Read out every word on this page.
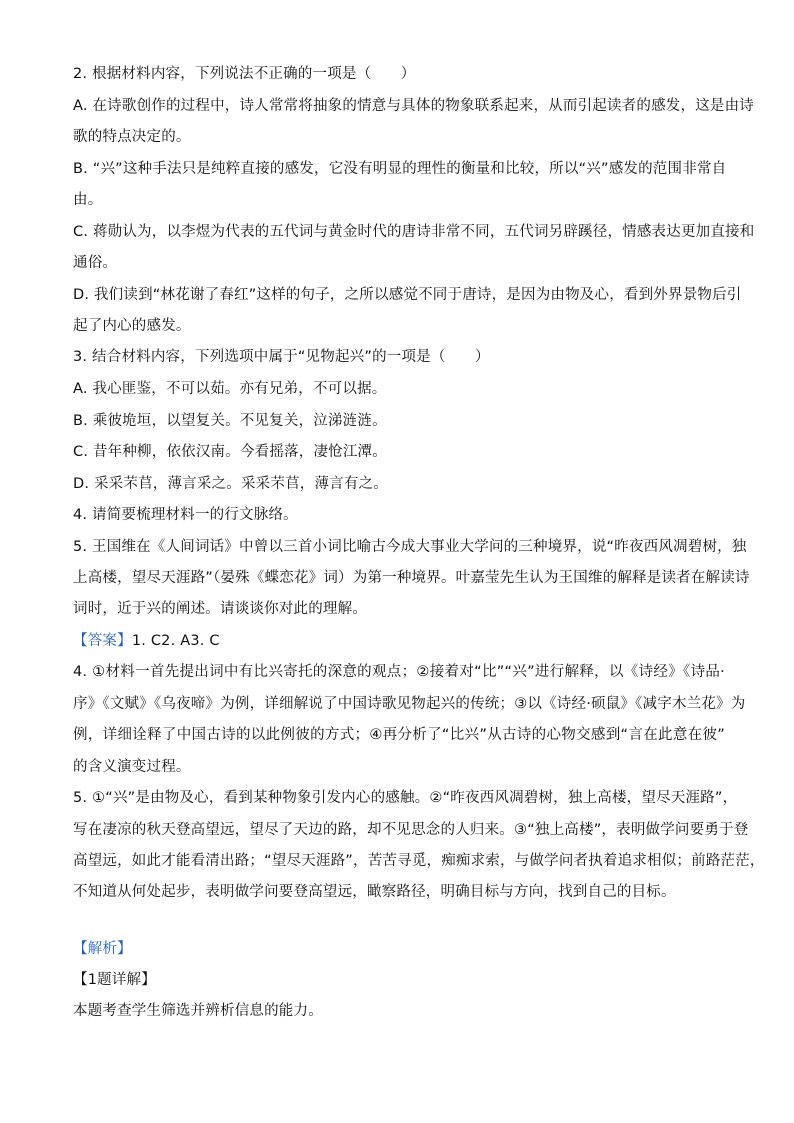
2. 根据材料内容，下列说法不正确的一项是（　　）
A. 在诗歌创作的过程中，诗人常常将抽象的情意与具体的物象联系起来，从而引起读者的感发，这是由诗
歌的特点决定的。
B. “兴”这种手法只是纯粹直接的感发，它没有明显的理性的衡量和比较，所以“兴”感发的范围非常自
由。
C. 蒋勋认为，以李煜为代表的五代词与黄金时代的唐诗非常不同，五代词另辟蹊径，情感表达更加直接和
通俗。
D. 我们读到“林花谢了春红”这样的句子，之所以感觉不同于唐诗，是因为由物及心，看到外界景物后引
起了内心的感发。
3. 结合材料内容，下列选项中属于“见物起兴”的一项是（　　）
A. 我心匪鉴，不可以茹。亦有兄弟，不可以据。
B. 乘彼垝垣，以望复关。不见复关，泣涕涟涟。
C. 昔年种柳，依依汉南。今看摇落，凄怆江潭。
D. 采采芣苢，薄言采之。采采芣苢，薄言有之。
4. 请简要梳理材料一的行文脉络。
5. 王国维在《人间词话》中曾以三首小词比喻古今成大事业大学问的三种境界，说“昨夜西风凋碧树，独
上高楼，望尽天涯路”（晏殊《蝶恋花》词）为第一种境界。叶嘉莹先生认为王国维的解释是读者在解读诗
词时，近于兴的阐述。请谈谈你对此的理解。
【答案】1. C2. A3. C
4. ①材料一首先提出词中有比兴寄托的深意的观点；②接着对“比”“兴”进行解释，以《诗经》《诗品·
序》《文赋》《乌夜啼》为例，详细解说了中国诗歌见物起兴的传统；③以《诗经·硕鼠》《减字木兰花》为
例，详细诠释了中国古诗的以此例彼的方式；④再分析了“比兴”从古诗的心物交感到“言在此意在彼”
的含义演变过程。
5. ①“兴”是由物及心，看到某种物象引发内心的感触。②“昨夜西风凋碧树，独上高楼，望尽天涯路”，
写在凄凉的秋天登高望远，望尽了天边的路，却不见思念的人归来。③“独上高楼”，表明做学问要勇于登
高望远，如此才能看清出路；“望尽天涯路”，苦苦寻觅，痴痴求索，与做学问者执着追求相似；前路茫茫，
不知道从何处起步，表明做学问要登高望远，瞰察路径，明确目标与方向，找到自己的目标。
【解析】
【1题详解】
本题考查学生筛选并辨析信息的能力。
